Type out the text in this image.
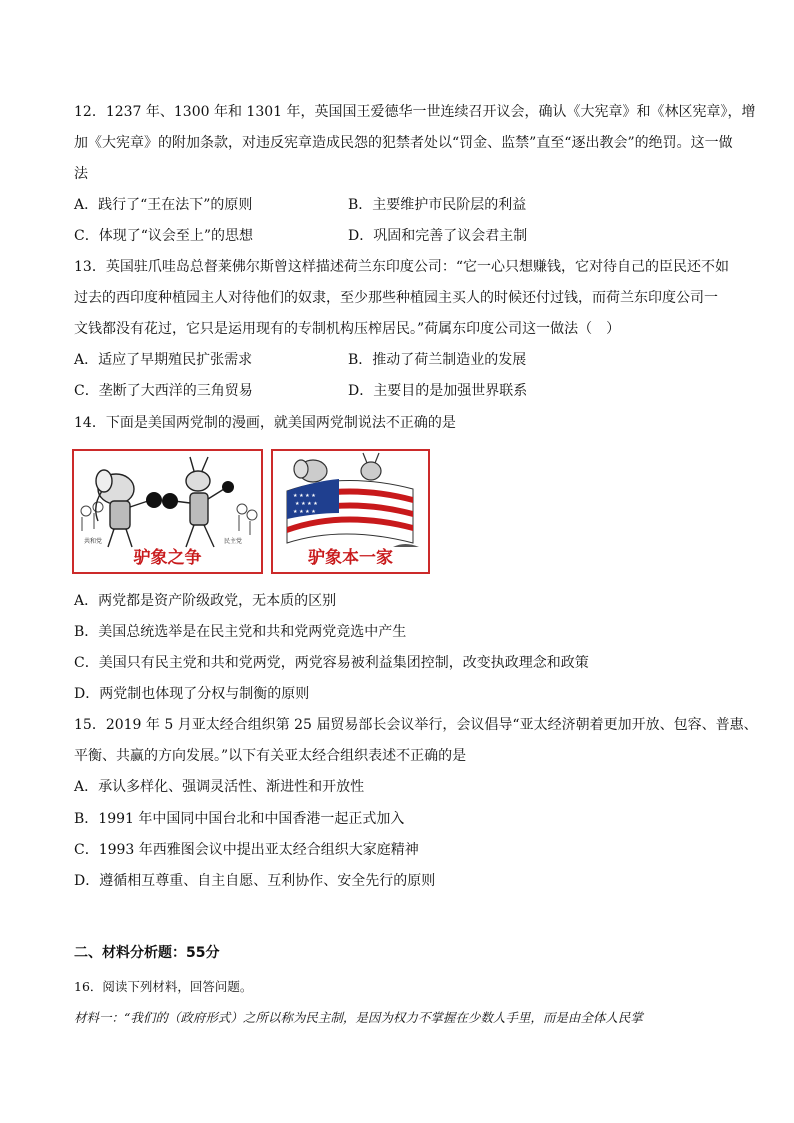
12．1237 年、1300 年和 1301 年，英国国王爱德华一世连续召开议会，确认《大宪章》和《林区宪章》，增
加《大宪章》的附加条款，对违反宪章造成民怨的犯禁者处以“罚金、监禁”直至“逐出教会”的绝罚。这一做
法
A．践行了“王在法下”的原则	B．主要维护市民阶层的利益
C．体现了“议会至上”的思想	D．巩固和完善了议会君主制
13．英国驻爪哇岛总督莱佛尔斯曾这样描述荷兰东印度公司：“它一心只想赚钱，它对待自己的臣民还不如
过去的西印度种植园主人对待他们的奴隶，至少那些种植园主买人的时候还付过钱，而荷兰东印度公司一
文钱都没有花过，它只是运用现有的专制机构压榨居民。”荷属东印度公司这一做法（　）
A．适应了早期殖民扩张需求	B．推动了荷兰制造业的发展
C．垄断了大西洋的三角贸易	D．主要目的是加强世界联系
14．下面是美国两党制的漫画，就美国两党制说法不正确的是
共和党	民主党
驴象之争
★ ★ ★ ★
★ ★ ★ ★
★ ★ ★ ★
驴象本一家
A．两党都是资产阶级政党，无本质的区别
B．美国总统选举是在民主党和共和党两党竞选中产生
C．美国只有民主党和共和党两党，两党容易被利益集团控制，改变执政理念和政策
D．两党制也体现了分权与制衡的原则
15．2019 年 5 月亚太经合组织第 25 届贸易部长会议举行，会议倡导“亚太经济朝着更加开放、包容、普惠、
平衡、共赢的方向发展。”以下有关亚太经合组织表述不正确的是
A．承认多样化、强调灵活性、渐进性和开放性
B．1991 年中国同中国台北和中国香港一起正式加入
C．1993 年西雅图会议中提出亚太经合组织大家庭精神
D．遵循相互尊重、自主自愿、互利协作、安全先行的原则
二、材料分析题：55分
16．阅读下列材料，回答问题。
材料一：“我们的（政府形式）之所以称为民主制，是因为权力不掌握在少数人手里，而是由全体人民掌
